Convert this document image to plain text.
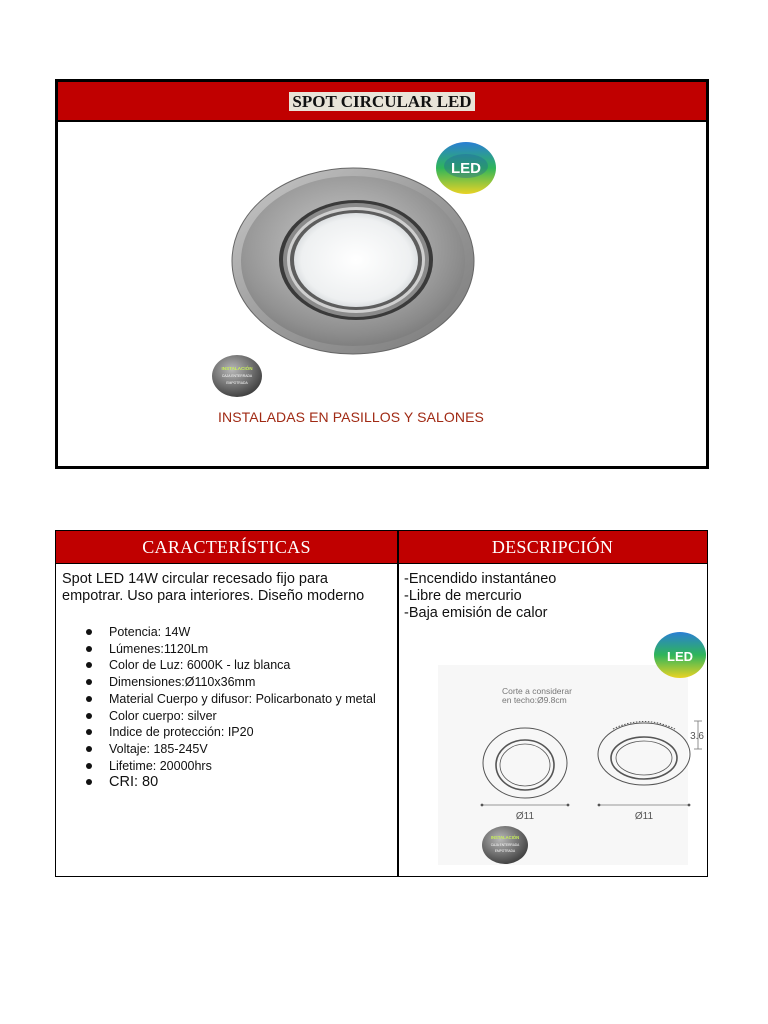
SPOT CIRCULAR LED
LED
INSTALACIÓN
CAJA ENTERRADA
EMPOTRADA
INSTALADAS EN PASILLOS Y SALONES
CARACTERÍSTICAS	DESCRIPCIÓN
Spot LED 14W circular recesado fijo para empotrar. Uso para interiores. Diseño moderno
Potencia: 14W
Lúmenes:1120Lm
Color de Luz: 6000K - luz blanca
Dimensiones:Ø110x36mm
Material Cuerpo y difusor: Policarbonato y metal
Color cuerpo: silver
Indice de protección: IP20
Voltaje: 185-245V
Lifetime: 20000hrs
CRI: 80
-Encendido instantáneo
-Libre de mercurio
-Baja emisión de calor
LED
Corte a considerar
en techo:Ø9.8cm
Ø11
3.6
Ø11
INSTALACIÓN
CAJA ENTERRADA
EMPOTRADA
